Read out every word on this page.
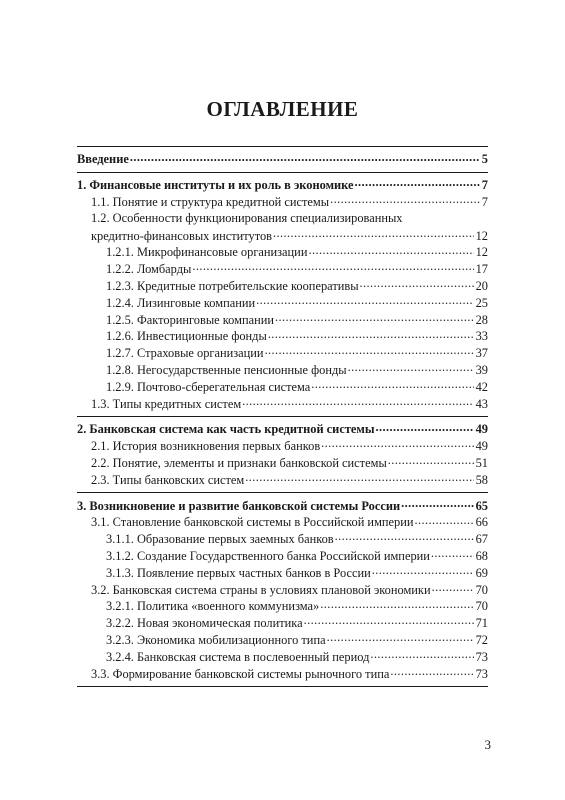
ОГЛАВЛЕНИЕ
Введение .....	5
1. Финансовые институты и их роль в экономике .....	7
1.1. Понятие и структура кредитной системы .....	7
1.2. Особенности функционирования специализированных
кредитно-финансовых институтов .....	12
1.2.1. Микрофинансовые организации .....	12
1.2.2. Ломбарды .....	17
1.2.3. Кредитные потребительские кооперативы .....	20
1.2.4. Лизинговые компании .....	25
1.2.5. Факторинговые компании .....	28
1.2.6. Инвестиционные фонды .....	33
1.2.7. Страховые организации .....	37
1.2.8. Негосударственные пенсионные фонды .....	39
1.2.9. Почтово-сберегательная система .....	42
1.3. Типы кредитных систем .....	43
2. Банковская система как часть кредитной системы .....	49
2.1. История возникновения первых банков .....	49
2.2. Понятие, элементы и признаки банковской системы .....	51
2.3. Типы банковских систем .....	58
3. Возникновение и развитие банковской системы России .....	65
3.1. Становление банковской системы в Российской империи .....	66
3.1.1. Образование первых заемных банков .....	67
3.1.2. Создание Государственного банка Российской империи .....	68
3.1.3. Появление первых частных банков в России .....	69
3.2. Банковская система страны в условиях плановой экономики .....	70
3.2.1. Политика «военного коммунизма» .....	70
3.2.2. Новая экономическая политика .....	71
3.2.3. Экономика мобилизационного типа .....	72
3.2.4. Банковская система в послевоенный период .....	73
3.3. Формирование банковской системы рыночного типа .....	73
3
